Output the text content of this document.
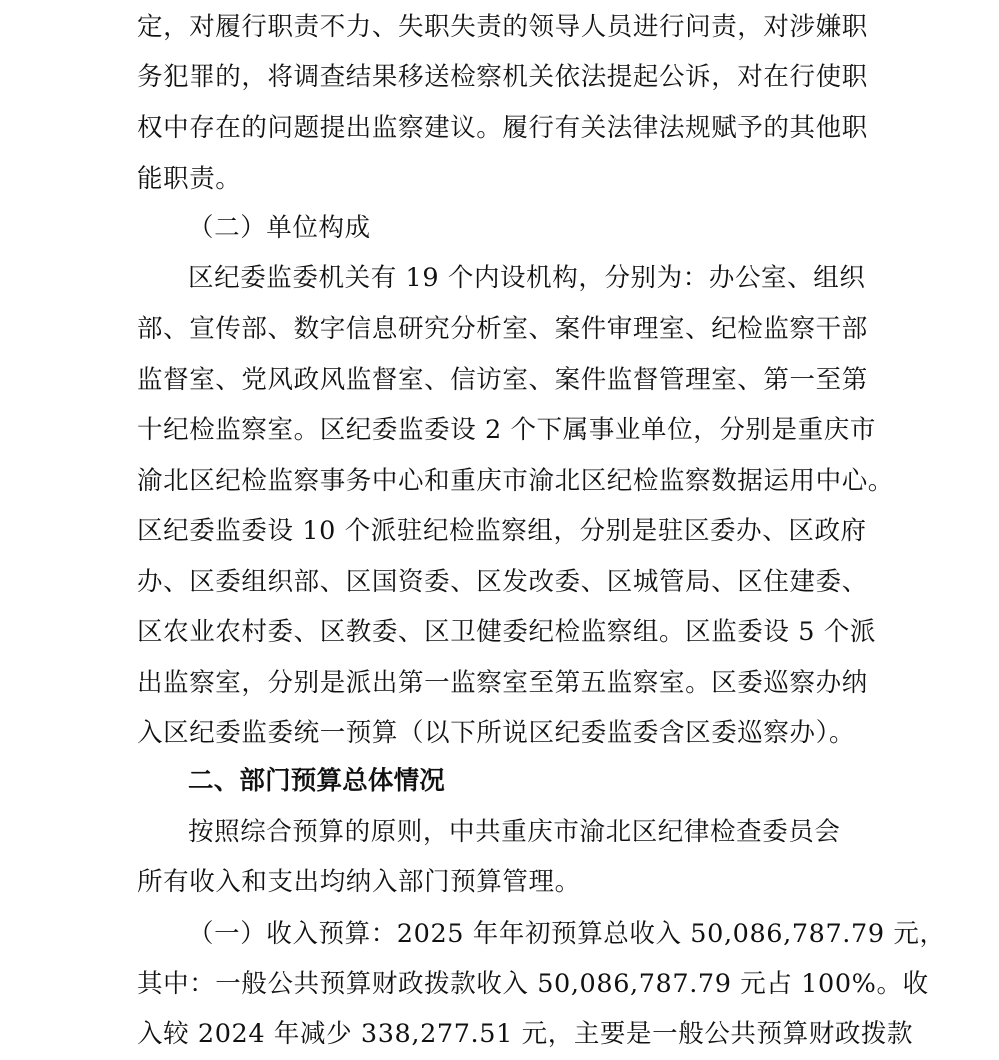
定，对履行职责不力、失职失责的领导人员进行问责，对涉嫌职
务犯罪的，将调查结果移送检察机关依法提起公诉，对在行使职
权中存在的问题提出监察建议。履行有关法律法规赋予的其他职
能职责。
（二）单位构成
区纪委监委机关有 19 个内设机构，分别为：办公室、组织
部、宣传部、数字信息研究分析室、案件审理室、纪检监察干部
监督室、党风政风监督室、信访室、案件监督管理室、第一至第
十纪检监察室。区纪委监委设 2 个下属事业单位，分别是重庆市
渝北区纪检监察事务中心和重庆市渝北区纪检监察数据运用中心。
区纪委监委设 10 个派驻纪检监察组，分别是驻区委办、区政府
办、区委组织部、区国资委、区发改委、区城管局、区住建委、
区农业农村委、区教委、区卫健委纪检监察组。区监委设 5 个派
出监察室，分别是派出第一监察室至第五监察室。区委巡察办纳
入区纪委监委统一预算（以下所说区纪委监委含区委巡察办）。
二、部门预算总体情况
按照综合预算的原则，中共重庆市渝北区纪律检查委员会
所有收入和支出均纳入部门预算管理。
（一）收入预算：2025 年年初预算总收入 50,086,787.79 元，
其中：一般公共预算财政拨款收入 50,086,787.79 元占 100%。收
入较 2024 年减少 338,277.51 元，主要是一般公共预算财政拨款
